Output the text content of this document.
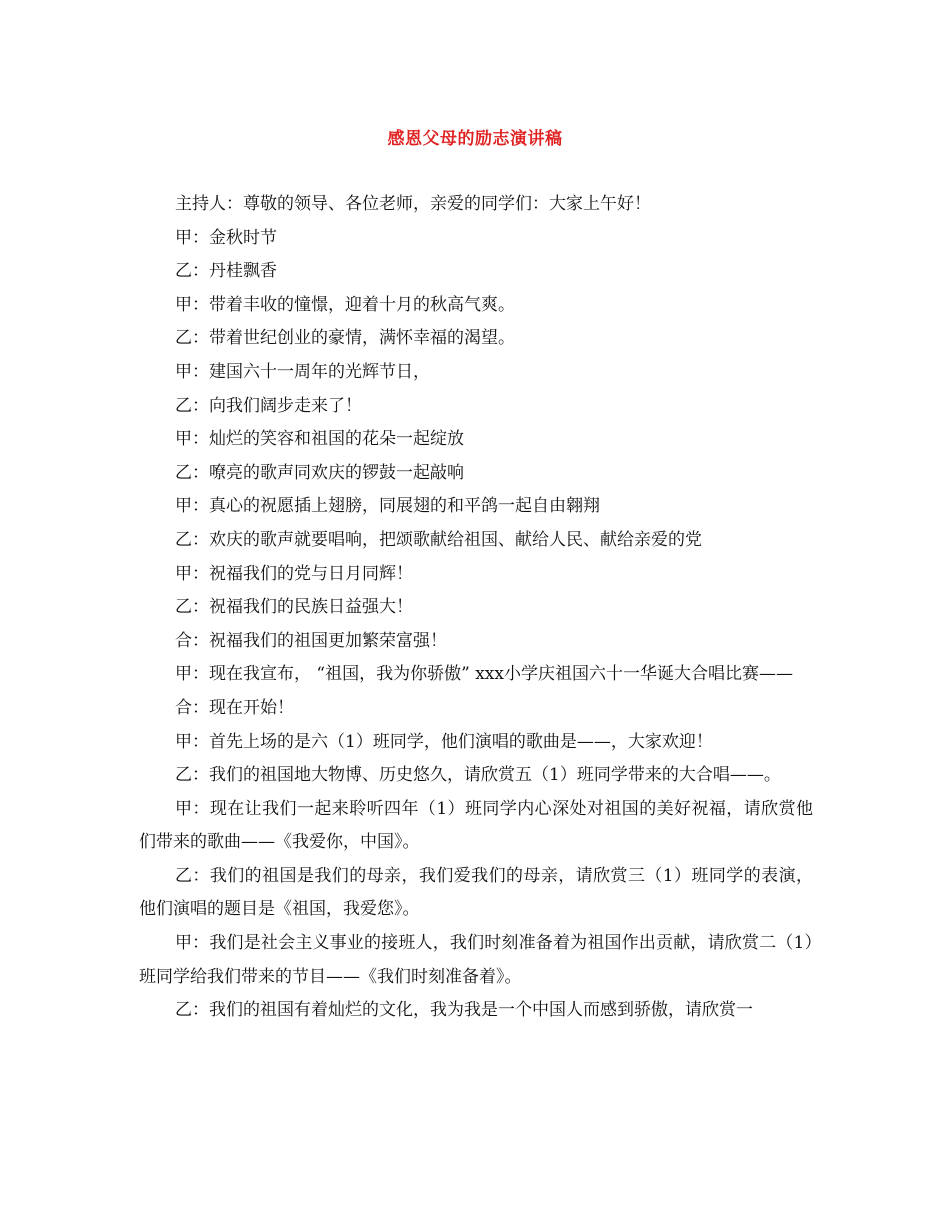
感恩父母的励志演讲稿

主持人：尊敬的领导、各位老师，亲爱的同学们：大家上午好！

甲：金秋时节

乙：丹桂飘香

甲：带着丰收的憧憬，迎着十月的秋高气爽。

乙：带着世纪创业的豪情，满怀幸福的渴望。

甲：建国六十一周年的光辉节日，

乙：向我们阔步走来了！

甲：灿烂的笑容和祖国的花朵一起绽放

乙：嘹亮的歌声同欢庆的锣鼓一起敲响

甲：真心的祝愿插上翅膀，同展翅的和平鸽一起自由翱翔

乙：欢庆的歌声就要唱响，把颂歌献给祖国、献给人民、献给亲爱的党

甲：祝福我们的党与日月同辉！

乙：祝福我们的民族日益强大！

合：祝福我们的祖国更加繁荣富强！

甲：现在我宣布， “祖国，我为你骄傲” xxx小学庆祖国六十一华诞大合唱比赛——

合：现在开始！

甲：首先上场的是六（1）班同学，他们演唱的歌曲是——，大家欢迎！

乙：我们的祖国地大物博、历史悠久，请欣赏五（1）班同学带来的大合唱——。

甲：现在让我们一起来聆听四年（1）班同学内心深处对祖国的美好祝福，请欣赏他们带来的歌曲——《我爱你，中国》。

乙：我们的祖国是我们的母亲，我们爱我们的母亲，请欣赏三（1）班同学的表演，他们演唱的题目是《祖国，我爱您》。

甲：我们是社会主义事业的接班人，我们时刻准备着为祖国作出贡献，请欣赏二（1）班同学给我们带来的节目——《我们时刻准备着》。

乙：我们的祖国有着灿烂的文化，我为我是一个中国人而感到骄傲，请欣赏一
